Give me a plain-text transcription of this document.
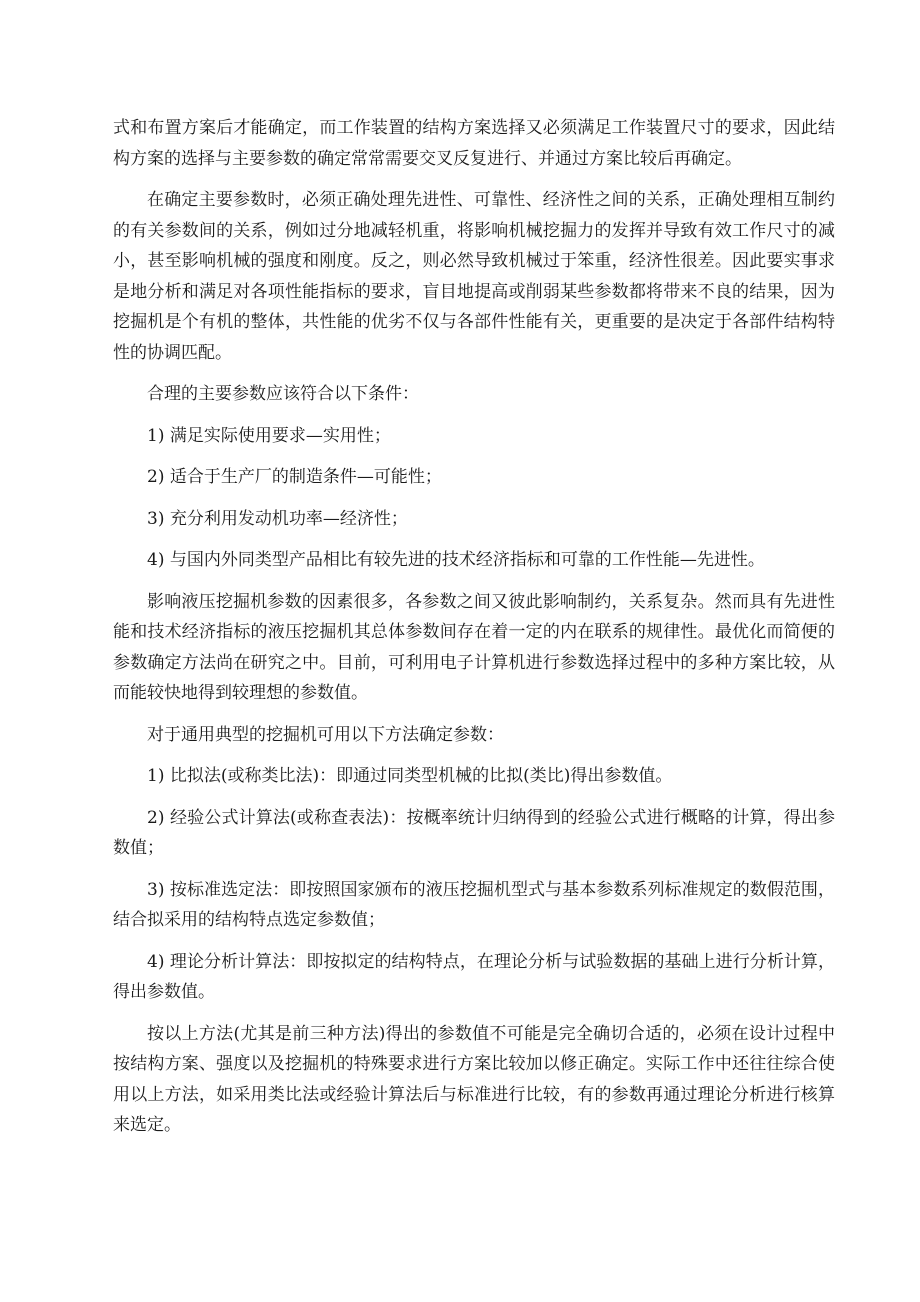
式和布置方案后才能确定，而工作装置的结构方案选择又必须满足工作装置尺寸的要求，因此结构方案的选择与主要参数的确定常常需要交叉反复进行、并通过方案比较后再确定。

在确定主要参数时，必须正确处理先进性、可靠性、经济性之间的关系，正确处理相互制约的有关参数间的关系，例如过分地减轻机重，将影响机械挖掘力的发挥并导致有效工作尺寸的减小，甚至影响机械的强度和刚度。反之，则必然导致机械过于笨重，经济性很差。因此要实事求是地分析和满足对各项性能指标的要求，盲目地提高或削弱某些参数都将带来不良的结果，因为挖掘机是个有机的整体，共性能的优劣不仅与各部件性能有关，更重要的是决定于各部件结构特性的协调匹配。

合理的主要参数应该符合以下条件：

1) 满足实际使用要求—实用性；

2) 适合于生产厂的制造条件—可能性；

3) 充分利用发动机功率—经济性；

4) 与国内外同类型产品相比有较先进的技术经济指标和可靠的工作性能—先进性。

影响液压挖掘机参数的因素很多，各参数之间又彼此影响制约，关系复杂。然而具有先进性能和技术经济指标的液压挖掘机其总体参数间存在着一定的内在联系的规律性。最优化而简便的参数确定方法尚在研究之中。目前，可利用电子计算机进行参数选择过程中的多种方案比较，从而能较快地得到较理想的参数值。

对于通用典型的挖掘机可用以下方法确定参数：

1) 比拟法(或称类比法)：即通过同类型机械的比拟(类比)得出参数值。

2) 经验公式计算法(或称查表法)：按概率统计归纳得到的经验公式进行概略的计算，得出参数值；

3) 按标准选定法：即按照国家颁布的液压挖掘机型式与基本参数系列标准规定的数假范围，结合拟采用的结构特点选定参数值；

4) 理论分析计算法：即按拟定的结构特点，在理论分析与试验数据的基础上进行分析计算，得出参数值。

按以上方法(尤其是前三种方法)得出的参数值不可能是完全确切合适的，必须在设计过程中按结构方案、强度以及挖掘机的特殊要求进行方案比较加以修正确定。实际工作中还往往综合使用以上方法，如采用类比法或经验计算法后与标准进行比较，有的参数再通过理论分析进行核算来选定。
